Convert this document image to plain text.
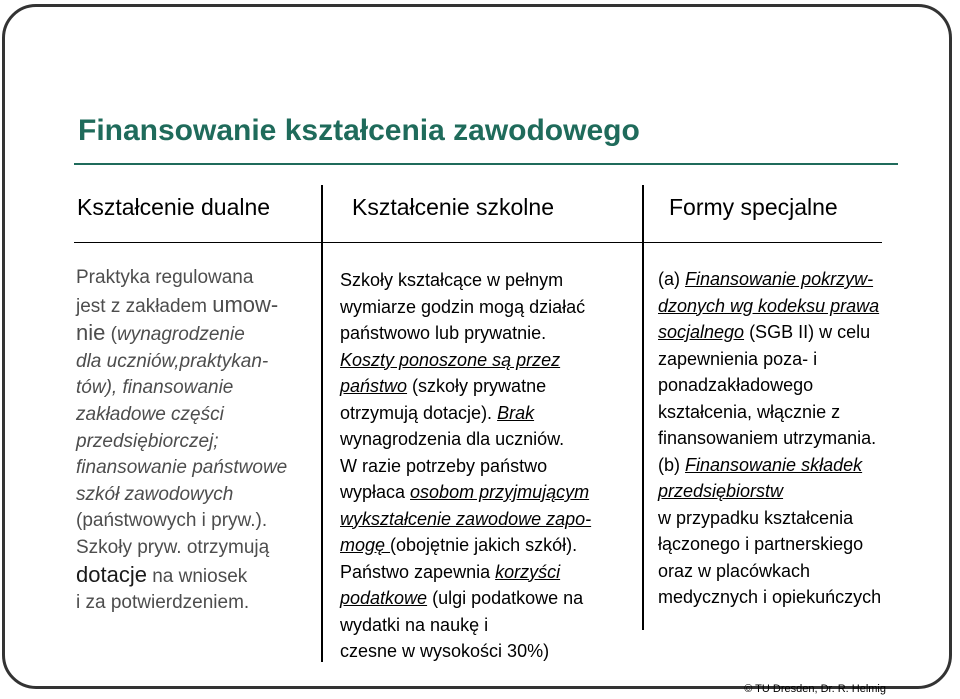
Finansowanie kształcenia zawodowego
Kształcenie dualne	Kształcenie szkolne	Formy specjalne
Praktyka regulowana
jest z zakładem umow-
nie (wynagrodzenie
dla uczniów,praktykan-
tów), finansowanie
zakładowe części
przedsiębiorczej;
finansowanie państwowe
szkół zawodowych
(państwowych i pryw.).
Szkoły pryw. otrzymują
dotacje na wniosek
i za potwierdzeniem.
Szkoły kształcące w pełnym
wymiarze godzin mogą działać
państwowo lub prywatnie.
Koszty ponoszone są przez
państwo (szkoły prywatne
otrzymują dotacje). Brak
wynagrodzenia dla uczniów.
W razie potrzeby państwo
wypłaca osobom przyjmującym
wykształcenie zawodowe zapo-
mogę (obojętnie jakich szkół).
Państwo zapewnia korzyści
podatkowe (ulgi podatkowe na
wydatki na naukę i
czesne w wysokości 30%)
(a) Finansowanie pokrzyw-
dzonych wg kodeksu prawa
socjalnego (SGB II) w celu
zapewnienia poza- i
ponadzakładowego
kształcenia, włącznie z
finansowaniem utrzymania.
(b) Finansowanie składek
przedsiębiorstw
w przypadku kształcenia
łączonego i partnerskiego
oraz w placówkach
medycznych i opiekuńczych
© TU Dresden, Dr. R. Helmig
